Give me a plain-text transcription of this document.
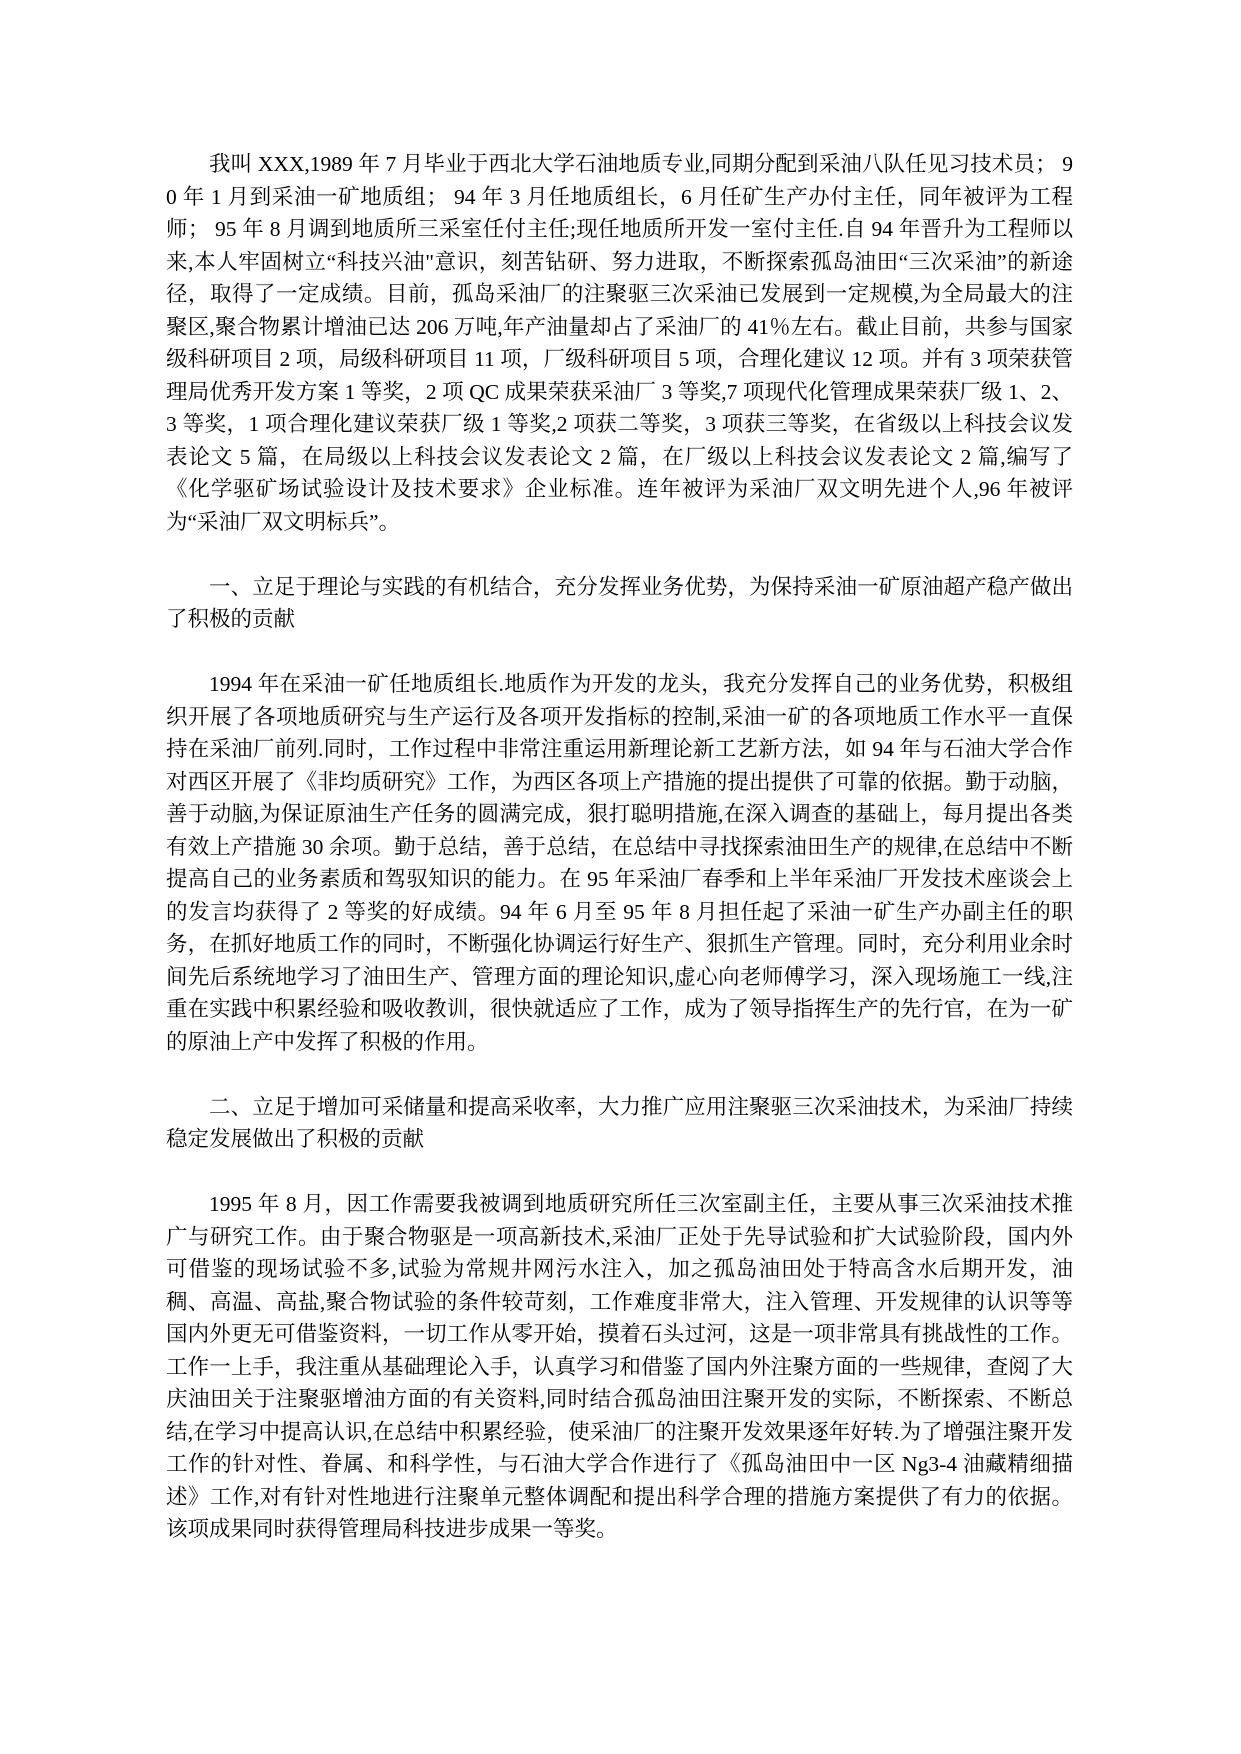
我叫 XXX,1989 年 7 月毕业于西北大学石油地质专业,同期分配到采油八队任见习技术员； 90 年 1 月到采油一矿地质组； 94 年 3 月任地质组长，6 月任矿生产办付主任，同年被评为工程师； 95 年 8 月调到地质所三采室任付主任;现任地质所开发一室付主任.自 94 年晋升为工程师以来,本人牢固树立“科技兴油"意识，刻苦钻研、努力进取，不断探索孤岛油田“三次采油”的新途径，取得了一定成绩。目前，孤岛采油厂的注聚驱三次采油已发展到一定规模,为全局最大的注聚区,聚合物累计增油已达 206 万吨,年产油量却占了采油厂的 41％左右。截止目前，共参与国家级科研项目 2 项，局级科研项目 11 项，厂级科研项目 5 项，合理化建议 12 项。并有 3 项荣获管理局优秀开发方案 1 等奖，2 项 QC 成果荣获采油厂 3 等奖,7 项现代化管理成果荣获厂级 1、2、3 等奖，1 项合理化建议荣获厂级 1 等奖,2 项获二等奖，3 项获三等奖，在省级以上科技会议发表论文 5 篇，在局级以上科技会议发表论文 2 篇，在厂级以上科技会议发表论文 2 篇,编写了《化学驱矿场试验设计及技术要求》企业标准。连年被评为采油厂双文明先进个人,96 年被评为“采油厂双文明标兵”。

一、立足于理论与实践的有机结合，充分发挥业务优势，为保持采油一矿原油超产稳产做出了积极的贡献

1994 年在采油一矿任地质组长.地质作为开发的龙头，我充分发挥自己的业务优势，积极组织开展了各项地质研究与生产运行及各项开发指标的控制,采油一矿的各项地质工作水平一直保持在采油厂前列.同时，工作过程中非常注重运用新理论新工艺新方法，如 94 年与石油大学合作对西区开展了《非均质研究》工作，为西区各项上产措施的提出提供了可靠的依据。勤于动脑，善于动脑,为保证原油生产任务的圆满完成，狠打聪明措施,在深入调查的基础上，每月提出各类有效上产措施 30 余项。勤于总结，善于总结，在总结中寻找探索油田生产的规律,在总结中不断提高自己的业务素质和驾驭知识的能力。在 95 年采油厂春季和上半年采油厂开发技术座谈会上的发言均获得了 2 等奖的好成绩。94 年 6 月至 95 年 8 月担任起了采油一矿生产办副主任的职务，在抓好地质工作的同时，不断强化协调运行好生产、狠抓生产管理。同时，充分利用业余时间先后系统地学习了油田生产、管理方面的理论知识,虚心向老师傅学习，深入现场施工一线,注重在实践中积累经验和吸收教训，很快就适应了工作，成为了领导指挥生产的先行官，在为一矿的原油上产中发挥了积极的作用。

二、立足于增加可采储量和提高采收率，大力推广应用注聚驱三次采油技术，为采油厂持续稳定发展做出了积极的贡献

1995 年 8 月，因工作需要我被调到地质研究所任三次室副主任，主要从事三次采油技术推广与研究工作。由于聚合物驱是一项高新技术,采油厂正处于先导试验和扩大试验阶段，国内外可借鉴的现场试验不多,试验为常规井网污水注入，加之孤岛油田处于特高含水后期开发，油稠、高温、高盐,聚合物试验的条件较苛刻，工作难度非常大，注入管理、开发规律的认识等等国内外更无可借鉴资料，一切工作从零开始，摸着石头过河，这是一项非常具有挑战性的工作。工作一上手，我注重从基础理论入手，认真学习和借鉴了国内外注聚方面的一些规律，查阅了大庆油田关于注聚驱增油方面的有关资料,同时结合孤岛油田注聚开发的实际，不断探索、不断总结,在学习中提高认识,在总结中积累经验，使采油厂的注聚开发效果逐年好转.为了增强注聚开发工作的针对性、眷属、和科学性，与石油大学合作进行了《孤岛油田中一区 Ng3-4 油藏精细描述》工作,对有针对性地进行注聚单元整体调配和提出科学合理的措施方案提供了有力的依据。该项成果同时获得管理局科技进步成果一等奖。
